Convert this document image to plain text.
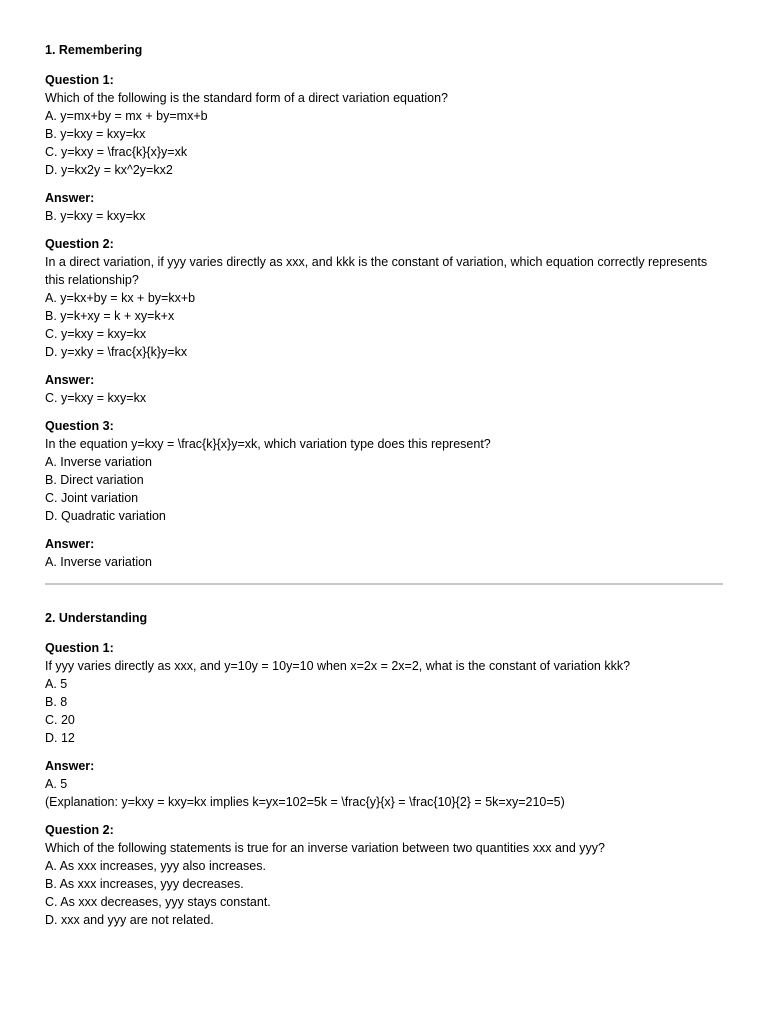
1. Remembering
Question 1:
Which of the following is the standard form of a direct variation equation?
A. y=mx+by = mx + by=mx+b
B. y=kxy = kxy=kx
C. y=kxy = \frac{k}{x}y=xk
D. y=kx2y = kx^2y=kx2
Answer:
B. y=kxy = kxy=kx
Question 2:
In a direct variation, if yyy varies directly as xxx, and kkk is the constant of variation, which equation correctly represents this relationship?
A. y=kx+by = kx + by=kx+b
B. y=k+xy = k + xy=k+x
C. y=kxy = kxy=kx
D. y=xky = \frac{x}{k}y=kx
Answer:
C. y=kxy = kxy=kx
Question 3:
In the equation y=kxy = \frac{k}{x}y=xk, which variation type does this represent?
A. Inverse variation
B. Direct variation
C. Joint variation
D. Quadratic variation
Answer:
A. Inverse variation
2. Understanding
Question 1:
If yyy varies directly as xxx, and y=10y = 10y=10 when x=2x = 2x=2, what is the constant of variation kkk?
A. 5
B. 8
C. 20
D. 12
Answer:
A. 5
(Explanation: y=kxy = kxy=kx implies k=yx=102=5k = \frac{y}{x} = \frac{10}{2} = 5k=xy=210=5)
Question 2:
Which of the following statements is true for an inverse variation between two quantities xxx and yyy?
A. As xxx increases, yyy also increases.
B. As xxx increases, yyy decreases.
C. As xxx decreases, yyy stays constant.
D. xxx and yyy are not related.
